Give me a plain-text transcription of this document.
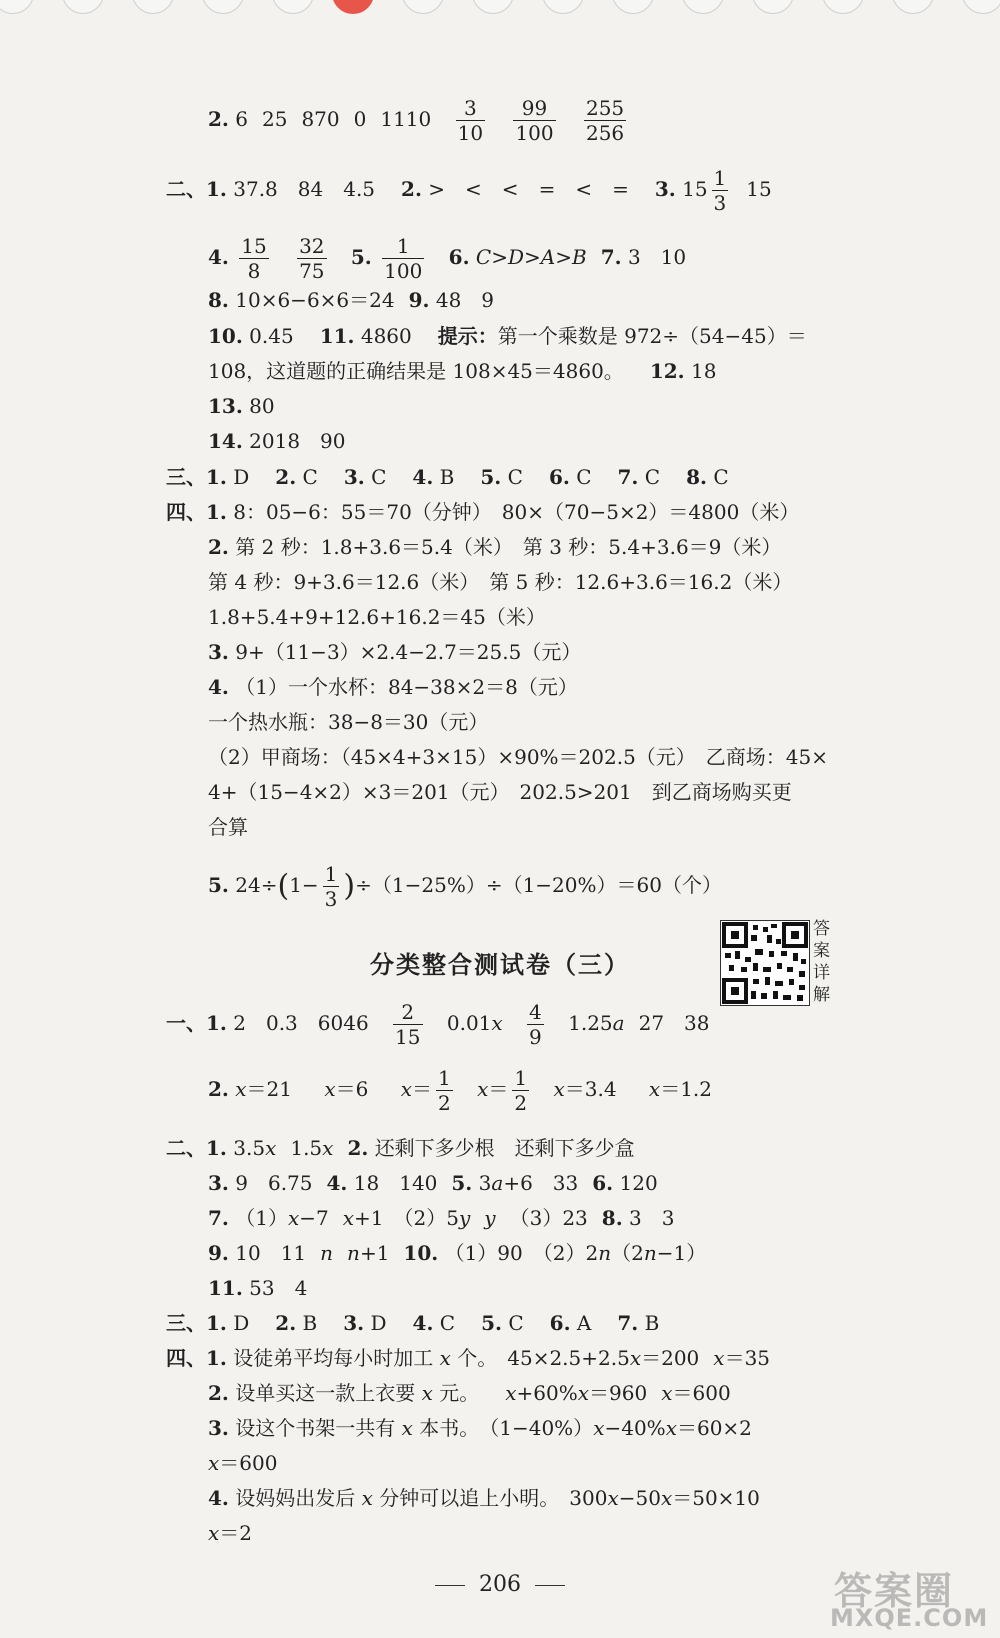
2. 6 25 870 0 $1110 \frac{3}{10}$
$\frac{99}{100}$
$\frac{255}{256}$
二、1. 37.8　84　4.5 2. >　<　<　=　<　= 3. $15 \frac{1}{3} 15$
4. $\frac{15}{8}$
$\frac{32}{75} 5$. $\frac{1}{100} 6$. C>D>A>B 7. 3　10
8. 10×6−6×6＝24 9. 48　9
10. 0.45 11. 4860 提示：第一个乘数是 972÷（54−45）＝
108，这道题的正确结果是 108×45＝4860。 12. 18
13. 80
14. 2018　90
三、1. D 2. C 3. C 4. B 5. C 6. C 7. C 8. C
四、1. 8：05−6：55＝70（分钟）　80×（70−5×2）＝4800（米）
2. 第 2 秒：1.8+3.6＝5.4（米）　第 3 秒：5.4+3.6＝9（米）
第 4 秒：9+3.6＝12.6（米）　第 5 秒：12.6+3.6＝16.2（米）
1.8+5.4+9+12.6+16.2＝45（米）
3. 9+（11−3）×2.4−2.7＝25.5（元）
4. （1）一个水杯：84−38×2＝8（元）
一个热水瓶：38−8＝30（元）
（2）甲商场：（45×4+3×15）×90%＝202.5（元）　乙商场：45×
4+（15−4×2）×3＝201（元）　202.5>201　到乙商场购买更
合算
5. $24\div(1- \frac{1}{3} )\div(1-25\%)\div(1-20\%)=60$（个）
分类整合测试卷（三）
答
案
详
解
一、1. 2　0.3　$6046 \frac{2}{15} 0.01x \frac{4}{9} 1.25a$ 27　38
2. x＝21 x＝6 $x= \frac{1}{2} x= \frac{1}{2} x=3.4$ x＝1.2
二、1. 3.5x 1.5x 2. 还剩下多少根　还剩下多少盒
3. 9　6.75 4. 18　140 5. 3a+6　33 6. 120
7. （1）x−7 x+1　（2）5y y （3）23 8. 3　3
9. 10　11 n n+1 10. （1）90　（2）2n（2n−1）
11. 53　4
三、1. D 2. B 3. D 4. C 5. C 6. A 7. B
四、1. 设徒弟平均每小时加工 x 个。　45×2.5+2.5x＝200 x＝35
2. 设单买这一款上衣要 x 元。 x+60%x＝960 x＝600
3. 设这个书架一共有 x 本书。　（1−40%）x−40%x＝60×2
x＝600
4. 设妈妈出发后 x 分钟可以追上小明。　300x−50x＝50×10
x＝2
206	答案圈
MXQE.COM
